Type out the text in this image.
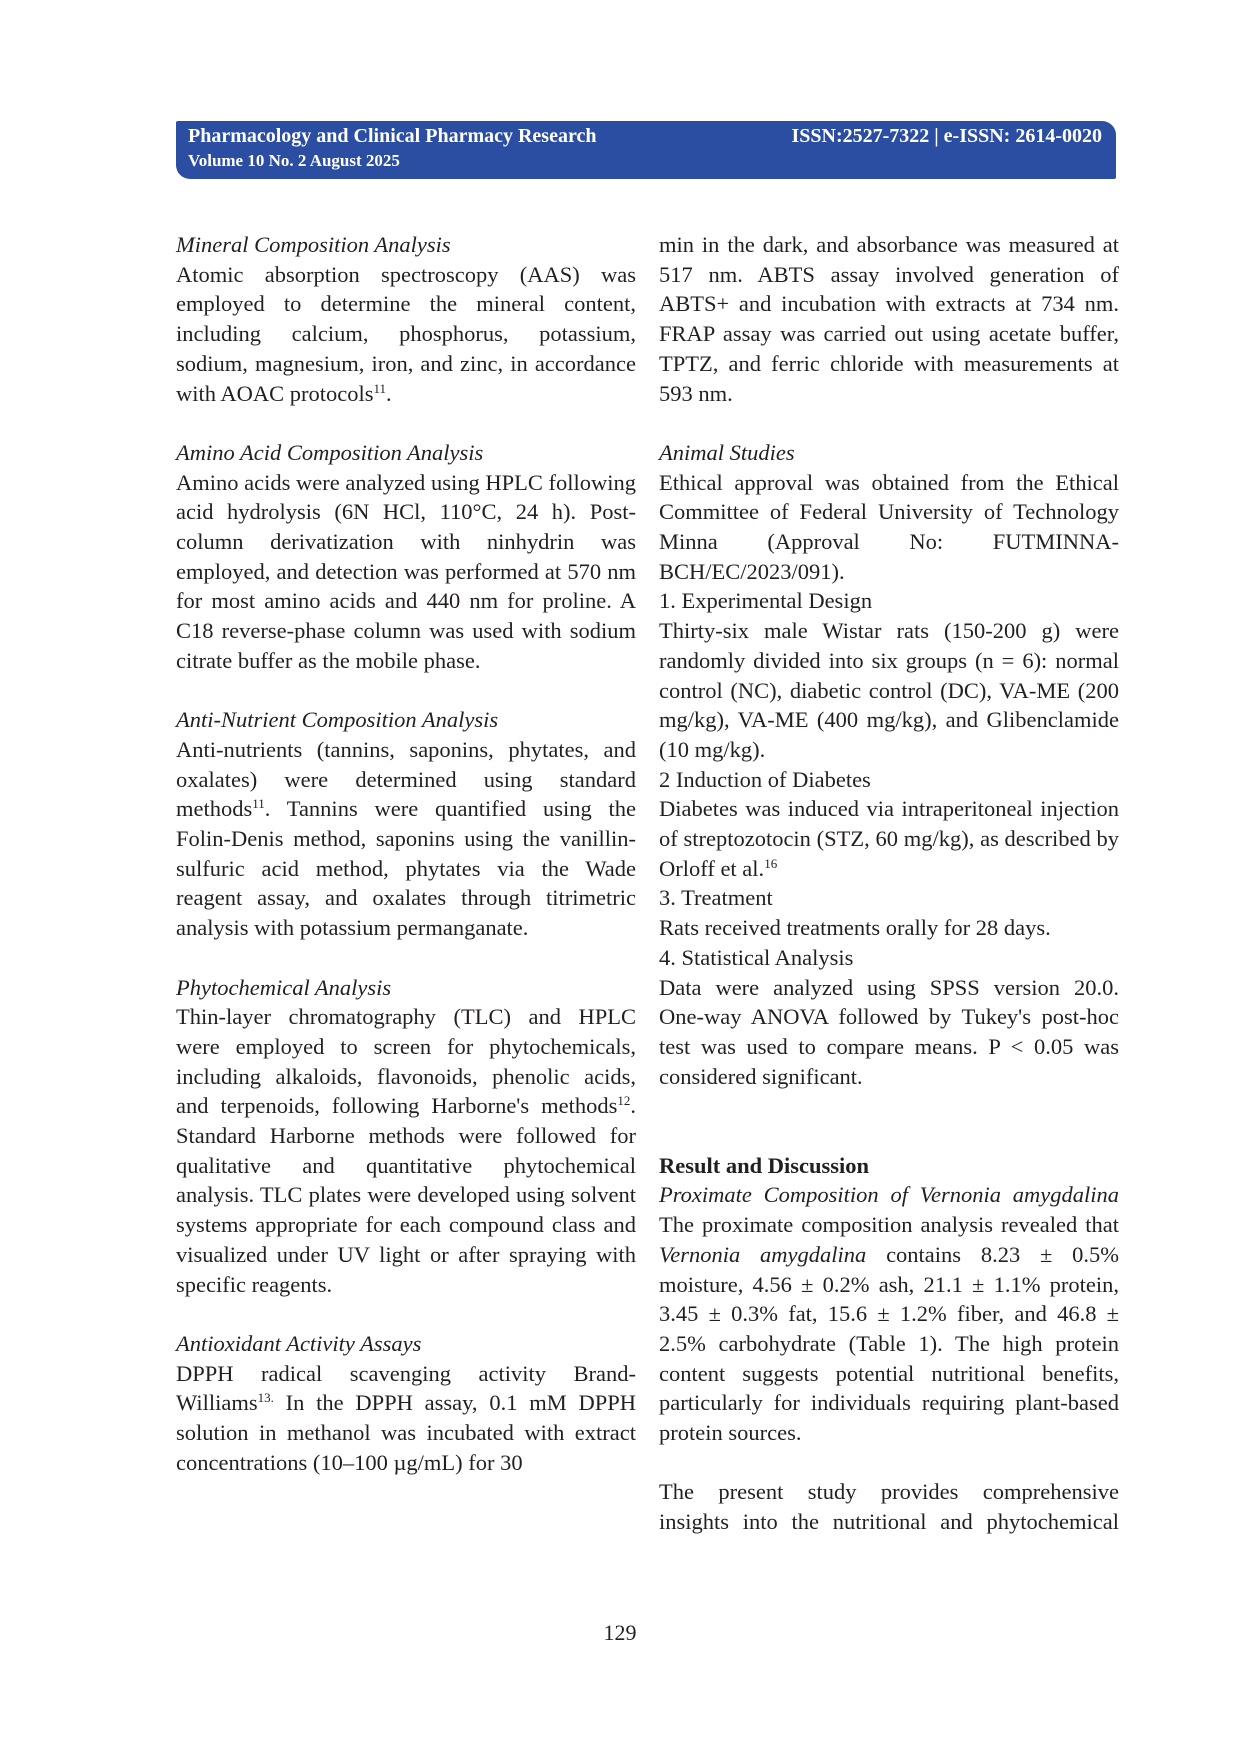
Pharmacology and Clinical Pharmacy Research	ISSN:2527-7322 | e-ISSN: 2614-0020
Volume 10 No. 2 August 2025

Mineral Composition Analysis

Atomic absorption spectroscopy (AAS) was employed to determine the mineral content, including calcium, phosphorus, potassium, sodium, magnesium, iron, and zinc, in accordance with AOAC protocols$^{11}$.

Amino Acid Composition Analysis

Amino acids were analyzed using HPLC following acid hydrolysis (6N HCl, 110°C, 24 h). Post-column derivatization with ninhydrin was employed, and detection was performed at 570 nm for most amino acids and 440 nm for proline. A C18 reverse-phase column was used with sodium citrate buffer as the mobile phase.

Anti-Nutrient Composition Analysis

Anti-nutrients (tannins, saponins, phytates, and oxalates) were determined using standard methods$^{11}$. Tannins were quantified using the Folin-Denis method, saponins using the vanillin-sulfuric acid method, phytates via the Wade reagent assay, and oxalates through titrimetric analysis with potassium permanganate.

Phytochemical Analysis

Thin-layer chromatography (TLC) and HPLC were employed to screen for phytochemicals, including alkaloids, flavonoids, phenolic acids, and terpenoids, following Harborne's methods$^{12}$. Standard Harborne methods were followed for qualitative and quantitative phytochemical analysis. TLC plates were developed using solvent systems appropriate for each compound class and visualized under UV light or after spraying with specific reagents.

Antioxidant Activity Assays

DPPH radical scavenging activity Brand-Williams$^{13.}$ In the DPPH assay, 0.1 mM DPPH solution in methanol was incubated with extract concentrations (10–100 µg/mL) for 30

min in the dark, and absorbance was measured at 517 nm. ABTS assay involved generation of ABTS+ and incubation with extracts at 734 nm. FRAP assay was carried out using acetate buffer, TPTZ, and ferric chloride with measurements at 593 nm.

Animal Studies

Ethical approval was obtained from the Ethical Committee of Federal University of Technology Minna (Approval No: FUTMINNA-BCH/EC/2023/091).

1. Experimental Design

Thirty-six male Wistar rats (150-200 g) were randomly divided into six groups (n = 6): normal control (NC), diabetic control (DC), VA-ME (200 mg/kg), VA-ME (400 mg/kg), and Glibenclamide (10 mg/kg).

2 Induction of Diabetes

Diabetes was induced via intraperitoneal injection of streptozotocin (STZ, 60 mg/kg), as described by Orloff et al.$^{16}$

3. Treatment

Rats received treatments orally for 28 days.

4. Statistical Analysis

Data were analyzed using SPSS version 20.0. One-way ANOVA followed by Tukey's post-hoc test was used to compare means. P < 0.05 was considered significant.

Result and Discussion

Proximate Composition of Vernonia amygdalina

The proximate composition analysis revealed that Vernonia amygdalina contains 8.23 ± 0.5% moisture, 4.56 ± 0.2% ash, 21.1 ± 1.1% protein, 3.45 ± 0.3% fat, 15.6 ± 1.2% fiber, and 46.8 ± 2.5% carbohydrate (Table 1). The high protein content suggests potential nutritional benefits, particularly for individuals requiring plant-based protein sources.

The present study provides comprehensive insights into the nutritional and phytochemical

129
